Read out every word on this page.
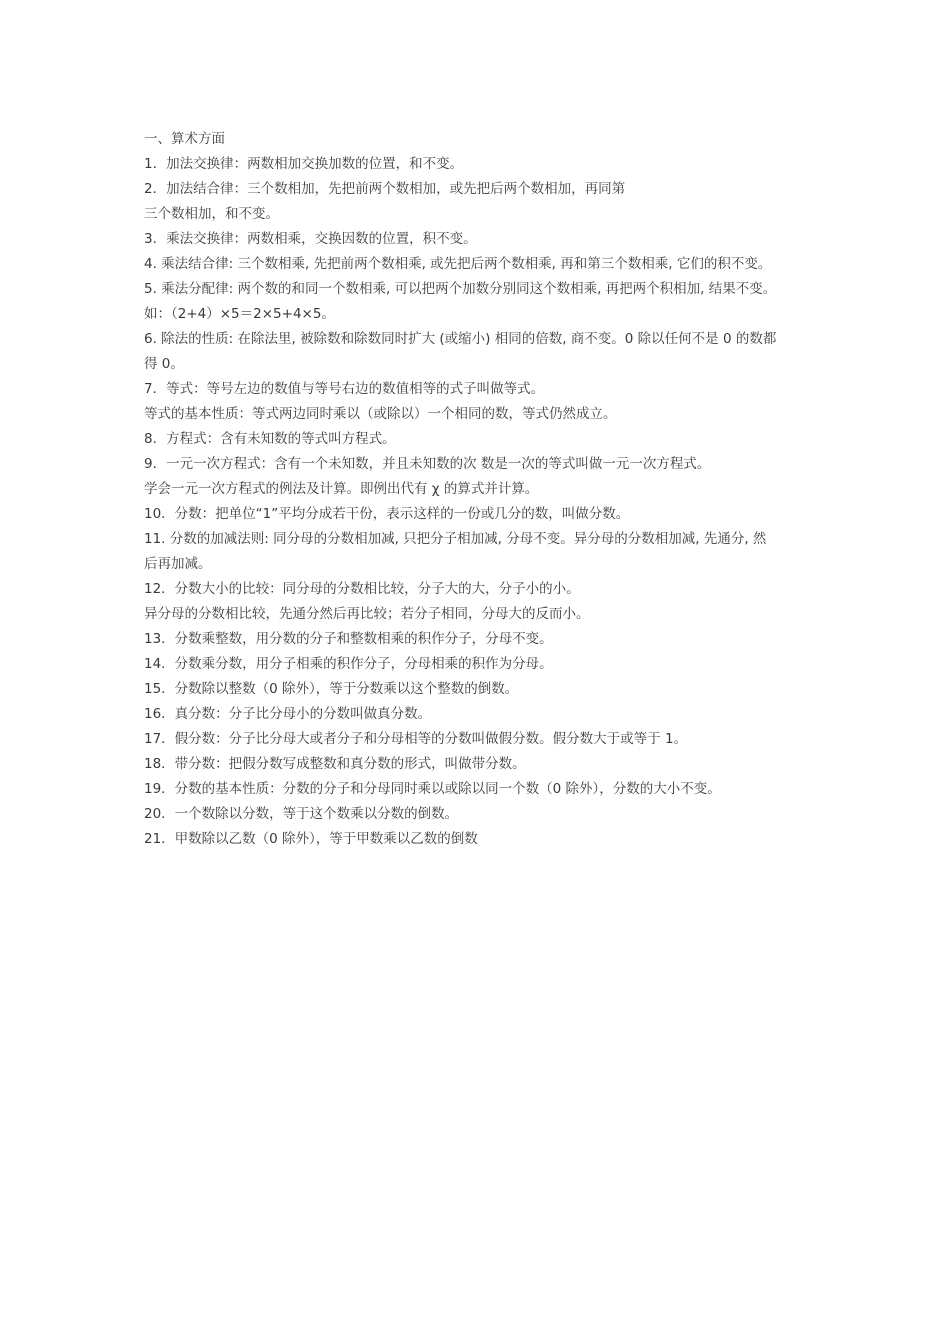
一、算术方面
1．加法交换律：两数相加交换加数的位置，和不变。
2．加法结合律：三个数相加，先把前两个数相加，或先把后两个数相加，再同第
三个数相加，和不变。
3．乘法交换律：两数相乘，交换因数的位置，积不变。
4. 乘法结合律: 三个数相乘, 先把前两个数相乘, 或先把后两个数相乘, 再和第三个数相乘, 它们的积不变。
5. 乘法分配律: 两个数的和同一个数相乘, 可以把两个加数分别同这个数相乘, 再把两个积相加, 结果不变。
如：（2+4）×5＝2×5+4×5。
6. 除法的性质: 在除法里, 被除数和除数同时扩大 (或缩小) 相同的倍数, 商不变。0 除以任何不是 0 的数都
得 0。
7．等式：等号左边的数值与等号右边的数值相等的式子叫做等式。
等式的基本性质：等式两边同时乘以（或除以）一个相同的数，等式仍然成立。
8．方程式：含有未知数的等式叫方程式。
9．一元一次方程式：含有一个未知数，并且未知数的次 数是一次的等式叫做一元一次方程式。
学会一元一次方程式的例法及计算。即例出代有 χ 的算式并计算。
10．分数：把单位“1”平均分成若干份，表示这样的一份或几分的数，叫做分数。
11. 分数的加减法则: 同分母的分数相加减, 只把分子相加减, 分母不变。异分母的分数相加减, 先通分, 然
后再加减。
12．分数大小的比较：同分母的分数相比较，分子大的大，分子小的小。
异分母的分数相比较，先通分然后再比较；若分子相同，分母大的反而小。
13．分数乘整数，用分数的分子和整数相乘的积作分子，分母不变。
14．分数乘分数，用分子相乘的积作分子，分母相乘的积作为分母。
15．分数除以整数（0 除外），等于分数乘以这个整数的倒数。
16．真分数：分子比分母小的分数叫做真分数。
17．假分数：分子比分母大或者分子和分母相等的分数叫做假分数。假分数大于或等于 1。
18．带分数：把假分数写成整数和真分数的形式，叫做带分数。
19．分数的基本性质：分数的分子和分母同时乘以或除以同一个数（0 除外），分数的大小不变。
20．一个数除以分数，等于这个数乘以分数的倒数。
21．甲数除以乙数（0 除外），等于甲数乘以乙数的倒数
